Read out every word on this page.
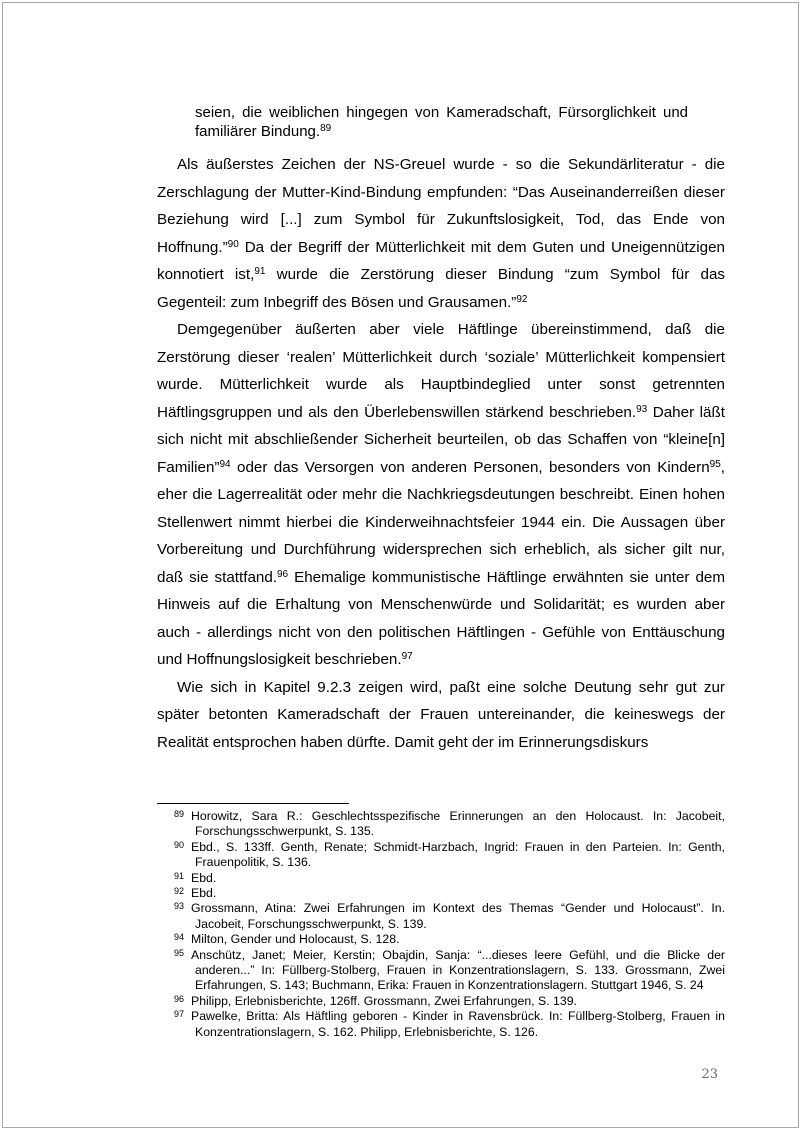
seien, die weiblichen hingegen von Kameradschaft, Fürsorglichkeit und familiärer Bindung.$^{89}$

Als äußerstes Zeichen der NS-Greuel wurde - so die Sekundärliteratur - die Zerschlagung der Mutter-Kind-Bindung empfunden: “Das Auseinanderreißen dieser Beziehung wird [...] zum Symbol für Zukunftslosigkeit, Tod, das Ende von Hoffnung.”$^{90}$ Da der Begriff der Mütterlichkeit mit dem Guten und Uneigennützigen konnotiert ist,$^{91}$ wurde die Zerstörung dieser Bindung “zum Symbol für das Gegenteil: zum Inbegriff des Bösen und Grausamen.”$^{92}$

Demgegenüber äußerten aber viele Häftlinge übereinstimmend, daß die Zerstörung dieser ‘realen’ Mütterlichkeit durch ‘soziale’ Mütterlichkeit kompensiert wurde. Mütterlichkeit wurde als Hauptbindeglied unter sonst getrennten Häftlingsgruppen und als den Überlebenswillen stärkend beschrieben.$^{93}$ Daher läßt sich nicht mit abschließender Sicherheit beurteilen, ob das Schaffen von “kleine[n] Familien”$^{94}$ oder das Versorgen von anderen Personen, besonders von Kindern$^{95}$, eher die Lagerrealität oder mehr die Nachkriegsdeutungen beschreibt. Einen hohen Stellenwert nimmt hierbei die Kinderweihnachtsfeier 1944 ein. Die Aussagen über Vorbereitung und Durchführung widersprechen sich erheblich, als sicher gilt nur, daß sie stattfand.$^{96}$ Ehemalige kommunistische Häftlinge erwähnten sie unter dem Hinweis auf die Erhaltung von Menschenwürde und Solidarität; es wurden aber auch - allerdings nicht von den politischen Häftlingen - Gefühle von Enttäuschung und Hoffnungslosigkeit beschrieben.$^{97}$

Wie sich in Kapitel 9.2.3 zeigen wird, paßt eine solche Deutung sehr gut zur später betonten Kameradschaft der Frauen untereinander, die keineswegs der Realität entsprochen haben dürfte. Damit geht der im Erinnerungsdiskurs

89 Horowitz, Sara R.: Geschlechtsspezifische Erinnerungen an den Holocaust. In: Jacobeit, Forschungsschwerpunkt, S. 135.
90 Ebd., S. 133ff. Genth, Renate; Schmidt-Harzbach, Ingrid: Frauen in den Parteien. In: Genth, Frauenpolitik, S. 136.
91 Ebd.
92 Ebd.
93 Grossmann, Atina: Zwei Erfahrungen im Kontext des Themas “Gender und Holocaust”. In. Jacobeit, Forschungsschwerpunkt, S. 139.
94 Milton, Gender und Holocaust, S. 128.
95 Anschütz, Janet; Meier, Kerstin; Obajdin, Sanja: “...dieses leere Gefühl, und die Blicke der anderen...” In: Füllberg-Stolberg, Frauen in Konzentrationslagern, S. 133. Grossmann, Zwei Erfahrungen, S. 143; Buchmann, Erika: Frauen in Konzentrationslagern. Stuttgart 1946, S. 24
96 Philipp, Erlebnisberichte, 126ff. Grossmann, Zwei Erfahrungen, S. 139.
97 Pawelke, Britta: Als Häftling geboren - Kinder in Ravensbrück. In: Füllberg-Stolberg, Frauen in Konzentrationslagern, S. 162. Philipp, Erlebnisberichte, S. 126.
23
